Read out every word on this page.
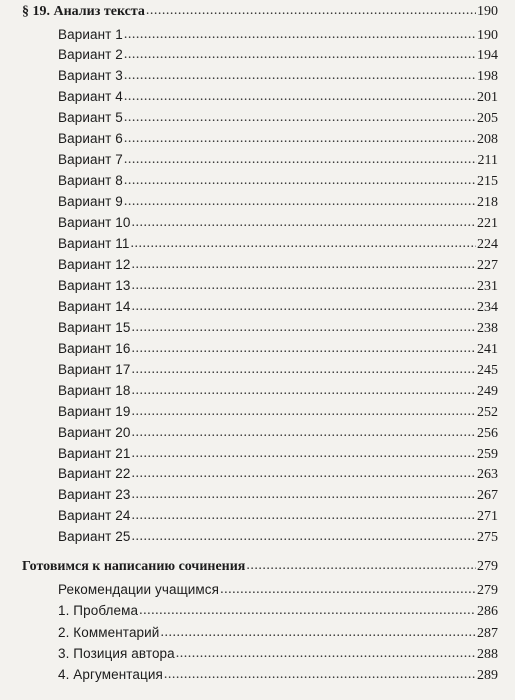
§ 19. Анализ текста .....	190
Вариант 1 .....	190
Вариант 2 .....	194
Вариант 3 .....	198
Вариант 4 .....	201
Вариант 5 .....	205
Вариант 6 .....	208
Вариант 7 .....	211
Вариант 8 .....	215
Вариант 9 .....	218
Вариант 10 .....	221
Вариант 11 .....	224
Вариант 12 .....	227
Вариант 13 .....	231
Вариант 14 .....	234
Вариант 15 .....	238
Вариант 16 .....	241
Вариант 17 .....	245
Вариант 18 .....	249
Вариант 19 .....	252
Вариант 20 .....	256
Вариант 21 .....	259
Вариант 22 .....	263
Вариант 23 .....	267
Вариант 24 .....	271
Вариант 25 .....	275
Готовимся к написанию сочинения .....	279
Рекомендации учащимся .....	279
1. Проблема .....	286
2. Комментарий .....	287
3. Позиция автора .....	288
4. Аргументация .....	289
